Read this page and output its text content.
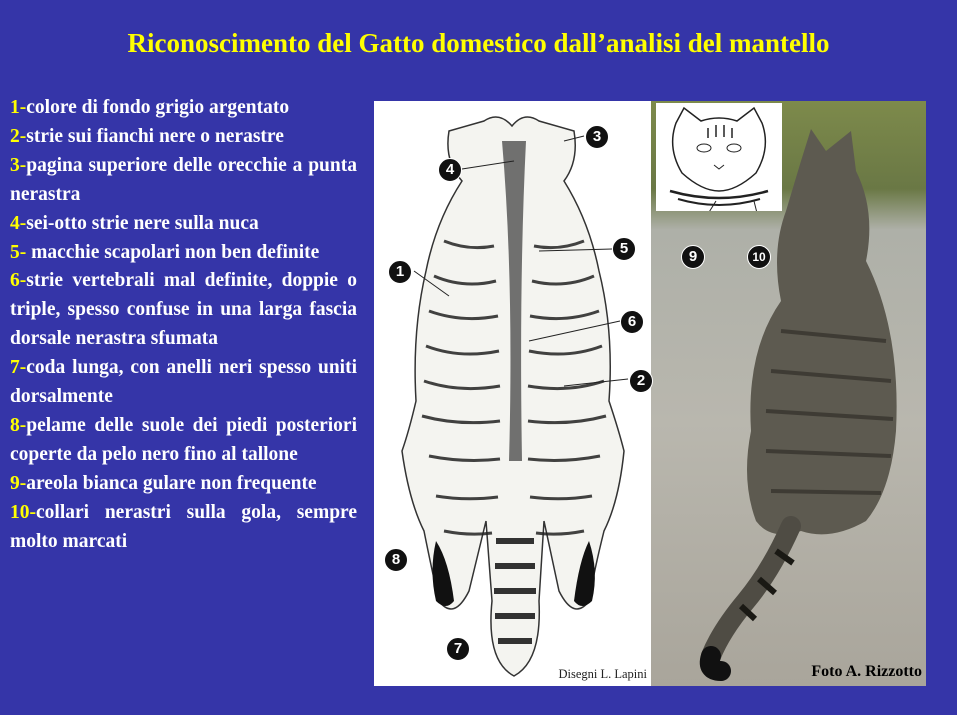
Riconoscimento del Gatto domestico dall’analisi del mantello
1-colore di fondo grigio argentato
2-strie sui fianchi nere o nerastre
3-pagina superiore delle orecchie a punta nerastra
4-sei-otto strie nere sulla nuca
5- macchie scapolari non ben definite
6-strie vertebrali mal definite, doppie o triple, spesso confuse in una larga fascia dorsale nerastra sfumata
7-coda lunga, con anelli neri spesso uniti dorsalmente
8-pelame delle suole dei piedi posteriori coperte da pelo nero fino al tallone
9-areola bianca gulare non frequente
10-collari nerastri sulla gola, sempre molto marcati
Disegni L. Lapini	Foto A. Rizzotto
1
2
3
4
5
6
7
8
9	10
